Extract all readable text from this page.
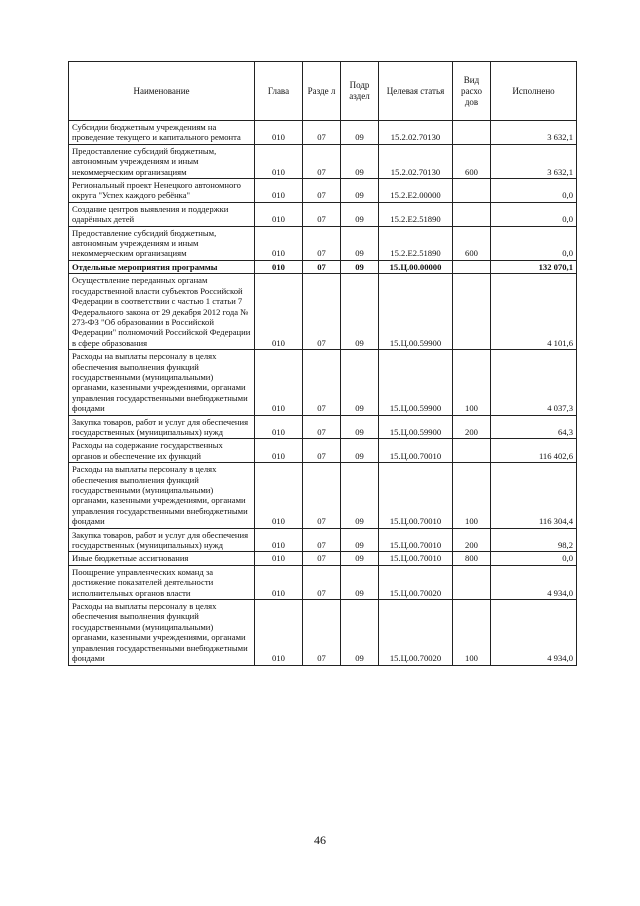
Наименование	Глава	Разде л	Подр аздел	Целевая статья	Вид расхо дов	Исполнено
Субсидии бюджетным учреждениям на проведение текущего и капитального ремонта	010	07	09	15.2.02.70130		3 632,1
Предоставление субсидий бюджетным, автономным учреждениям и иным некоммерческим организациям	010	07	09	15.2.02.70130	600	3 632,1
Региональный проект Ненецкого автономного округа "Успех каждого ребёнка"	010	07	09	15.2.E2.00000		0,0
Создание центров выявления и поддержки одарённых детей	010	07	09	15.2.E2.51890		0,0
Предоставление субсидий бюджетным, автономным учреждениям и иным некоммерческим организациям	010	07	09	15.2.E2.51890	600	0,0
Отдельные мероприятия программы	010	07	09	15.Ц.00.00000		132 070,1
Осуществление переданных органам государственной власти субъектов Российской Федерации в соответствии с частью 1 статьи 7 Федерального закона от 29 декабря 2012 года № 273-ФЗ "Об образовании в Российской Федерации" полномочий Российской Федерации в сфере образования	010	07	09	15.Ц.00.59900		4 101,6
Расходы на выплаты персоналу в целях обеспечения выполнения функций государственными (муниципальными) органами, казенными учреждениями, органами управления государственными внебюджетными фондами	010	07	09	15.Ц.00.59900	100	4 037,3
Закупка товаров, работ и услуг для обеспечения государственных (муниципальных) нужд	010	07	09	15.Ц.00.59900	200	64,3
Расходы на содержание государственных органов и обеспечение их функций	010	07	09	15.Ц.00.70010		116 402,6
Расходы на выплаты персоналу в целях обеспечения выполнения функций государственными (муниципальными) органами, казенными учреждениями, органами управления государственными внебюджетными фондами	010	07	09	15.Ц.00.70010	100	116 304,4
Закупка товаров, работ и услуг для обеспечения государственных (муниципальных) нужд	010	07	09	15.Ц.00.70010	200	98,2
Иные бюджетные ассигнования	010	07	09	15.Ц.00.70010	800	0,0
Поощрение управленческих команд за достижение показателей деятельности исполнительных органов власти	010	07	09	15.Ц.00.70020		4 934,0
Расходы на выплаты персоналу в целях обеспечения выполнения функций государственными (муниципальными) органами, казенными учреждениями, органами управления государственными внебюджетными фондами	010	07	09	15.Ц.00.70020	100	4 934,0
46
